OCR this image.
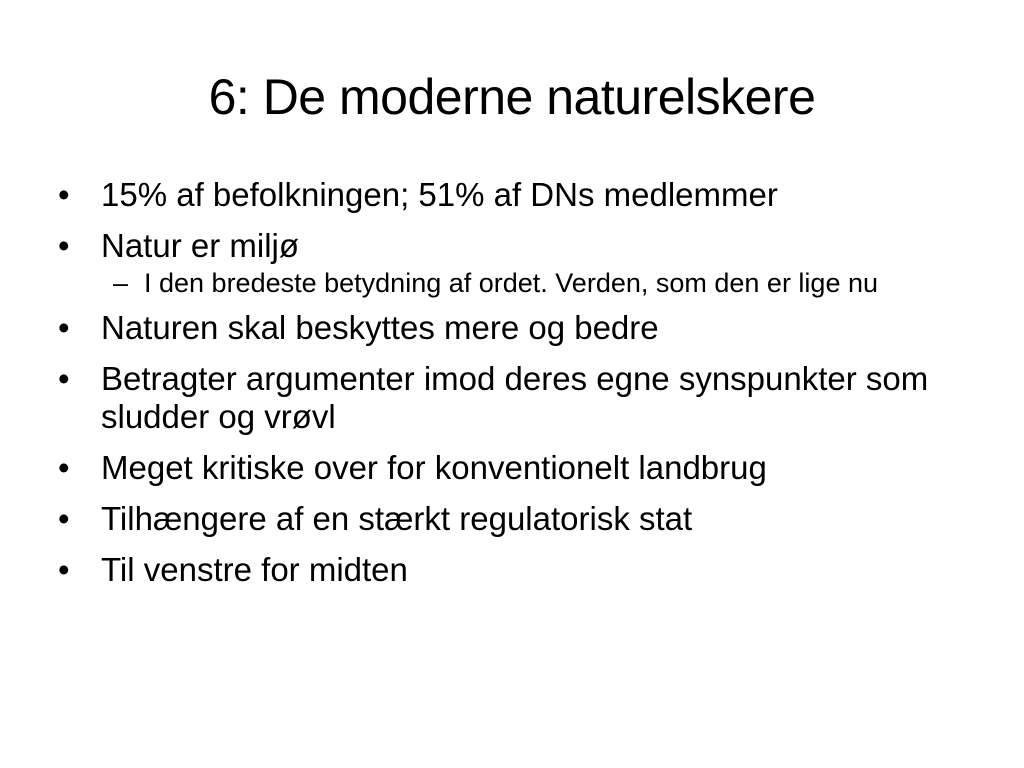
6: De moderne naturelskere
• 15% af befolkningen; 51% af DNs medlemmer
• Natur er miljø
– I den bredeste betydning af ordet. Verden, som den er lige nu
• Naturen skal beskyttes mere og bedre
• Betragter argumenter imod deres egne synspunkter som sludder og vrøvl
• Meget kritiske over for konventionelt landbrug
• Tilhængere af en stærkt regulatorisk stat
• Til venstre for midten
